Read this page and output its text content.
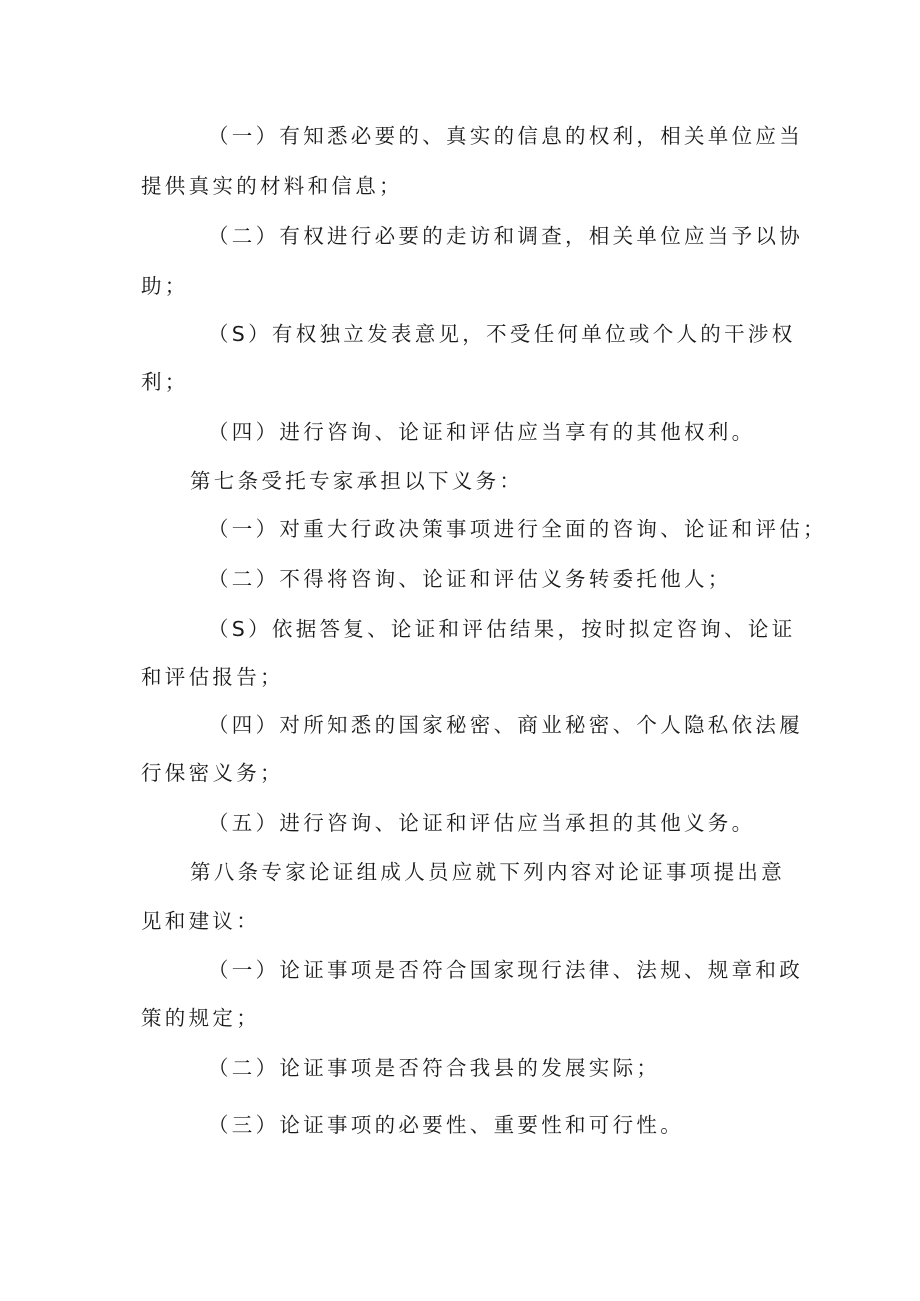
（一）有知悉必要的、真实的信息的权利，相关单位应当
提供真实的材料和信息；
（二）有权进行必要的走访和调查，相关单位应当予以协
助；
（S）有权独立发表意见，不受任何单位或个人的干涉权
利；
（四）进行咨询、论证和评估应当享有的其他权利。
第七条受托专家承担以下义务：
（一）对重大行政决策事项进行全面的咨询、论证和评估；
（二）不得将咨询、论证和评估义务转委托他人；
（S）依据答复、论证和评估结果，按时拟定咨询、论证
和评估报告；
（四）对所知悉的国家秘密、商业秘密、个人隐私依法履
行保密义务；
（五）进行咨询、论证和评估应当承担的其他义务。
第八条专家论证组成人员应就下列内容对论证事项提出意
见和建议：
（一）论证事项是否符合国家现行法律、法规、规章和政
策的规定；
（二）论证事项是否符合我县的发展实际；
（三）论证事项的必要性、重要性和可行性。
